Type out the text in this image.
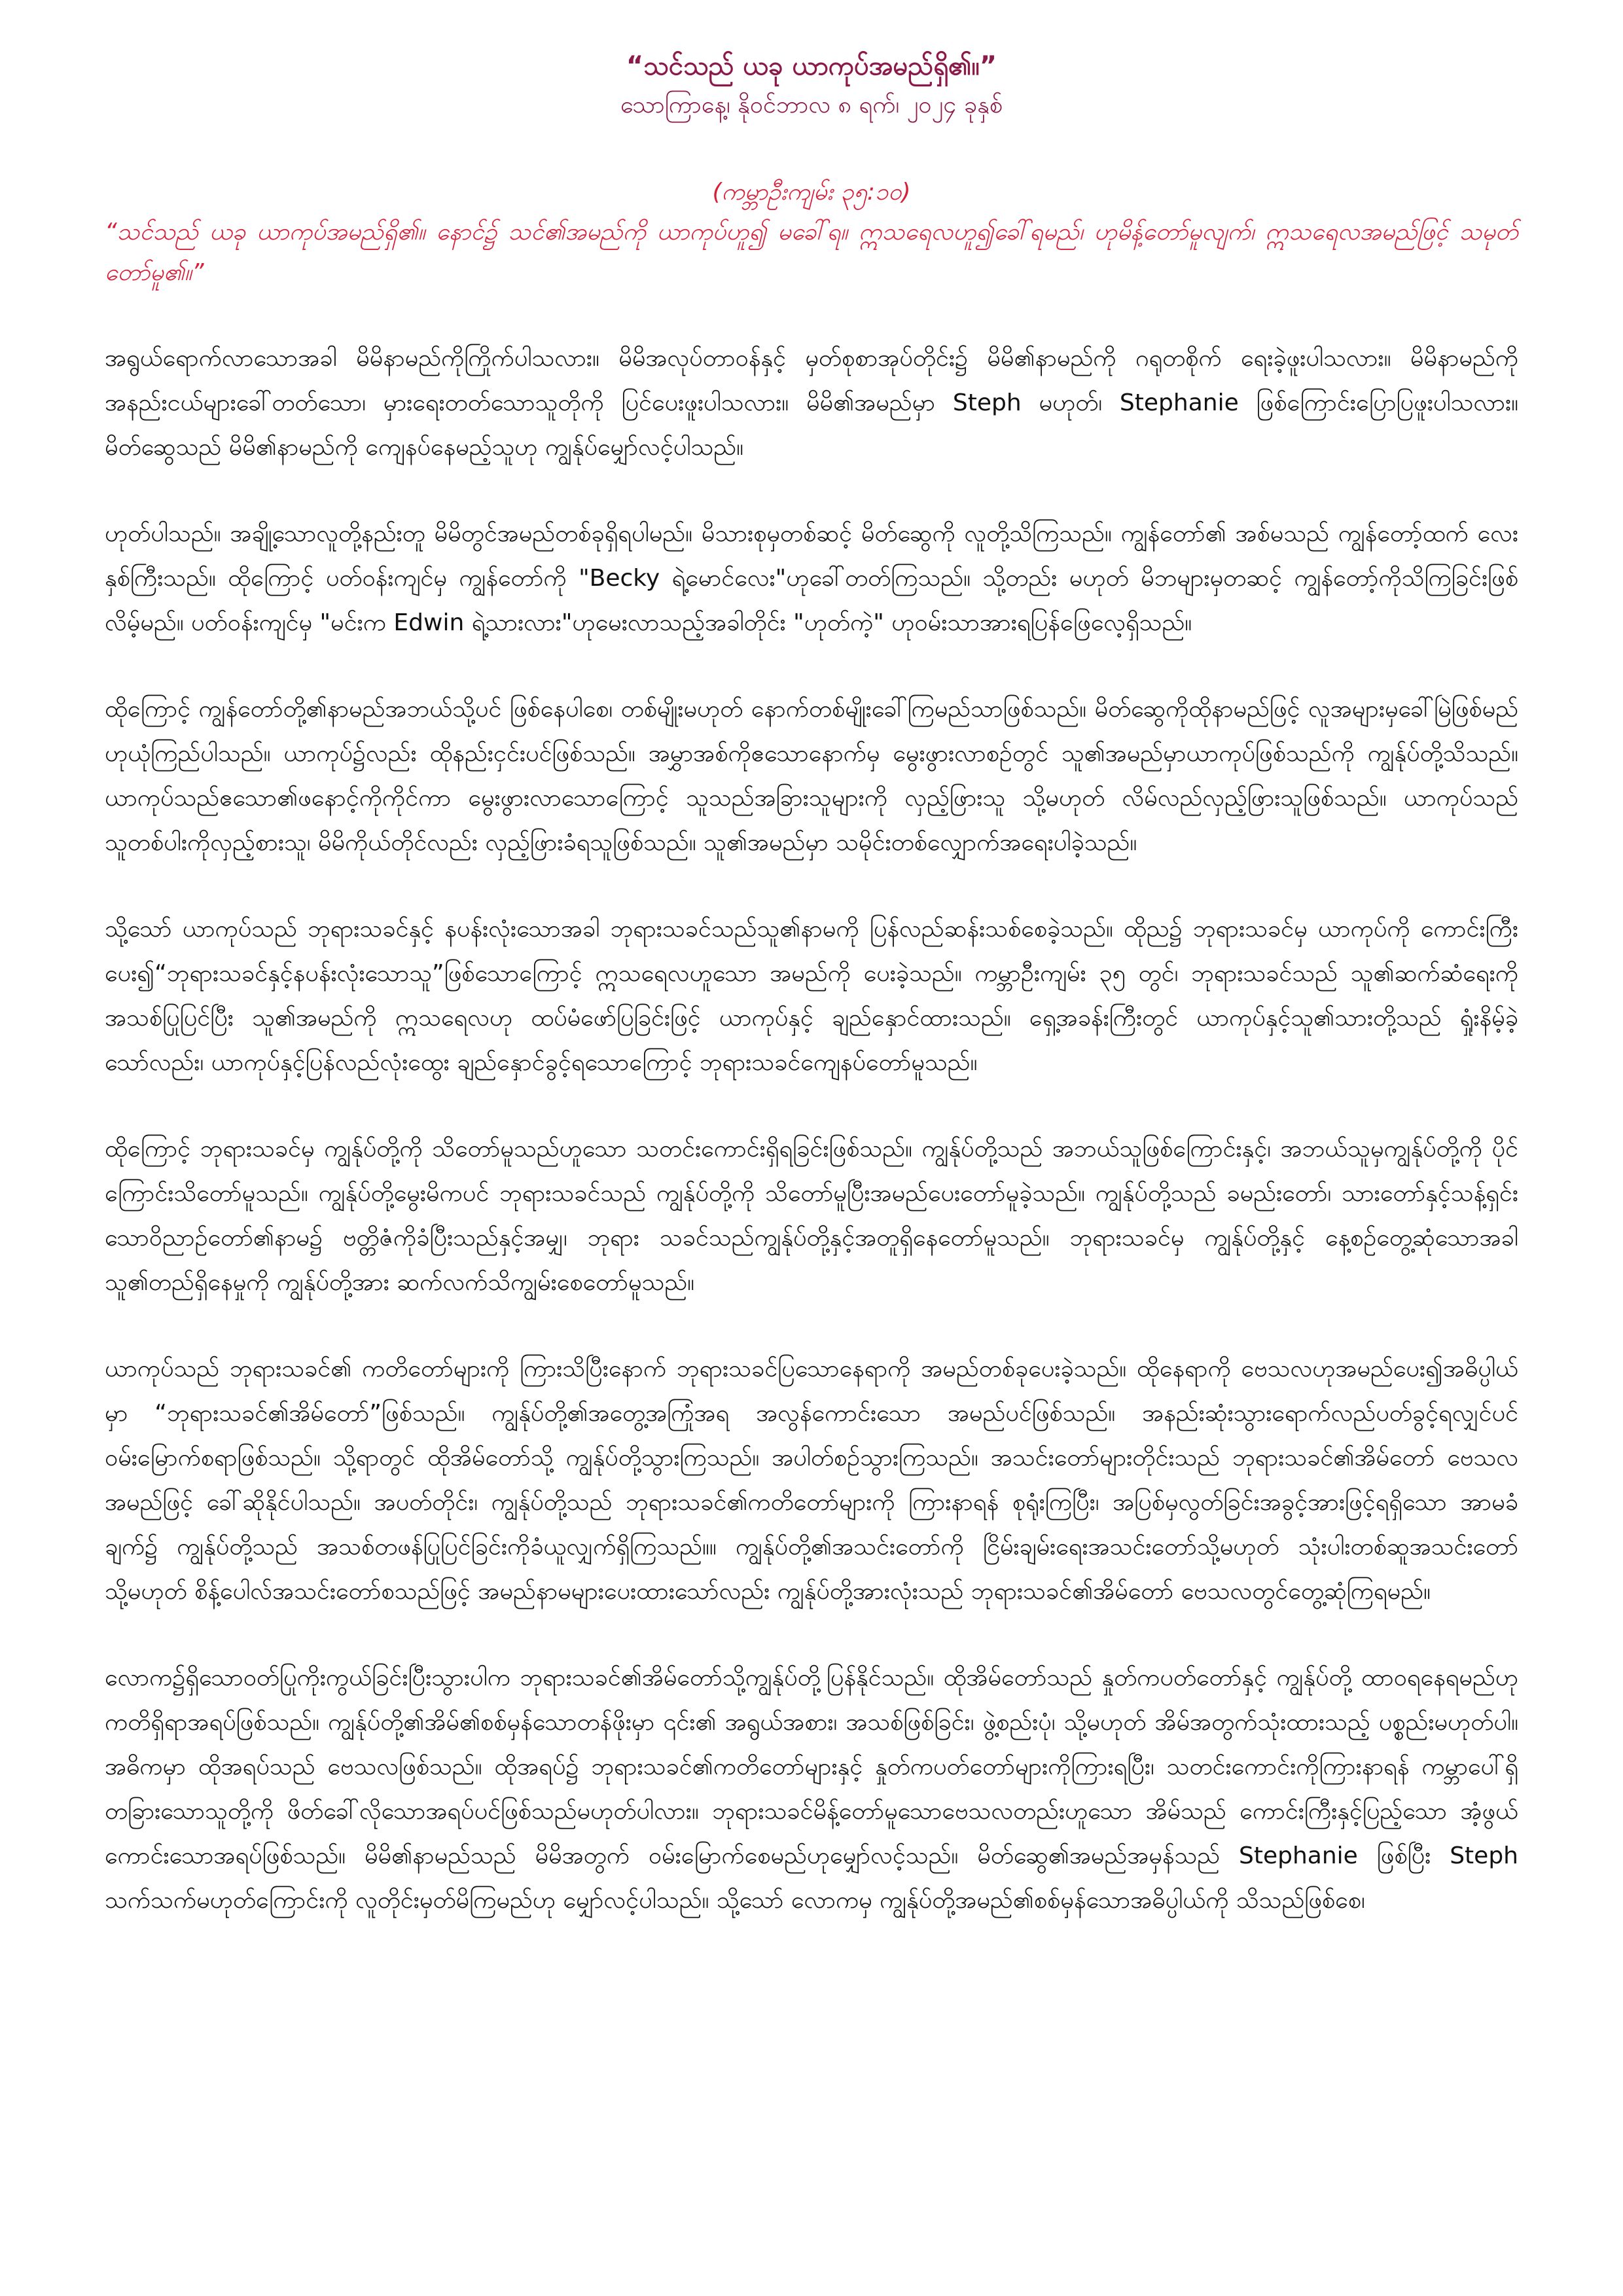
“သင်သည် ယခု ယာကုပ်အမည်ရှိ၏။”
သောကြာနေ့၊ နိုဝင်ဘာလ ၈ ရက်၊ ၂၀၂၄ ခုနှစ်
(ကမ္ဘာဦးကျမ်း ၃၅:၁၀)

“သင်သည် ယခု ယာကုပ်အမည်ရှိ၏။ နောင်၌ သင်၏အမည်ကို ယာကုပ်ဟူ၍ မခေါ်ရ။ ဣသရေလဟူ၍ခေါ်ရမည်၊ ဟုမိန့်တော်မူလျက်၊ ဣသရေလအမည်ဖြင့် သမုတ်တော်မူ၏။”

အရွယ်ရောက်လာသောအခါ မိမိနာမည်ကိုကြိုက်ပါသလား။ မိမိအလုပ်တာဝန်နှင့် မှတ်စုစာအုပ်တိုင်း၌ မိမိ၏နာမည်ကို ဂရုတစိုက် ရေးခဲ့ဖူးပါသလား။ မိမိနာမည်ကို အနည်းငယ်များခေါ်တတ်သော၊ မှားရေးတတ်သောသူတိုကို ပြင်ပေးဖူးပါသလား။ မိမိ၏အမည်မှာ Steph မဟုတ်၊ Stephanie ဖြစ်ကြောင်းပြောပြဖူးပါသလား။ မိတ်ဆွေသည် မိမိ၏နာမည်ကို ကျေနပ်နေမည့်သူဟု ကျွန်ုပ်မျှော်လင့်ပါသည်။

ဟုတ်ပါသည်။ အချို့သောလူတို့နည်းတူ မိမိတွင်အမည်တစ်ခုရှိရပါမည်။ မိသားစုမှတစ်ဆင့် မိတ်ဆွေကို လူတို့သိကြသည်။ ကျွန်တော်၏ အစ်မသည် ကျွန်တော့်ထက် လေးနှစ်ကြီးသည်။ ထိုကြောင့် ပတ်ဝန်းကျင်မှ ကျွန်တော်ကို "Becky ရဲ့မောင်လေး"ဟုခေါ်တတ်ကြသည်။ သို့တည်း မဟုတ် မိဘများမှတဆင့် ကျွန်တော့်ကိုသိကြခြင်းဖြစ်လိမ့်မည်။ ပတ်ဝန်းကျင်မှ "မင်းက Edwin ရဲ့သားလား"ဟုမေးလာသည့်အခါတိုင်း "ဟုတ်ကဲ့" ဟုဝမ်းသာအားရပြန်ဖြေလေ့ရှိသည်။

ထိုကြောင့် ကျွန်တော်တို့၏နာမည်အဘယ်သို့ပင် ဖြစ်နေပါစေ၊ တစ်မျိုးမဟုတ် နောက်တစ်မျိုးခေါ်ကြမည်သာဖြစ်သည်။ မိတ်ဆွေကိုထိုနာမည်ဖြင့် လူအများမှခေါ်မြဲဖြစ်မည်ဟုယုံကြည်ပါသည်။ ယာကုပ်၌လည်း ထိုနည်းငှင်းပင်ဖြစ်သည်။ အမွှာအစ်ကိုဧသောနောက်မှ မွေးဖွားလာစဉ်တွင် သူ၏အမည်မှာယာကုပ်ဖြစ်သည်ကို ကျွန်ုပ်တို့သိသည်။ ယာကုပ်သည်ဧသော၏ဖနောင့်ကိုကိုင်ကာ မွေးဖွားလာသောကြောင့် သူသည်အခြားသူများကို လှည့်ဖြားသူ သို့မဟုတ် လိမ်လည်လှည့်ဖြားသူဖြစ်သည်။ ယာကုပ်သည် သူတစ်ပါးကိုလှည့်စားသူ၊ မိမိကိုယ်တိုင်လည်း လှည့်ဖြားခံရသူဖြစ်သည်။ သူ၏အမည်မှာ သမိုင်းတစ်လျှောက်အရေးပါခဲ့သည်။

သို့သော် ယာကုပ်သည် ဘုရားသခင်နှင့် နပန်းလုံးသောအခါ ဘုရားသခင်သည်သူ၏နာမကို ပြန်လည်ဆန်းသစ်စေခဲ့သည်။ ထိုည၌ ဘုရားသခင်မှ ယာကုပ်ကို ကောင်းကြီးပေး၍“ဘုရားသခင်နှင့်နပန်းလုံးသောသူ”ဖြစ်သောကြောင့် ဣသရေလဟူသော အမည်ကို ပေးခဲ့သည်။ ကမ္ဘာဦးကျမ်း ၃၅ တွင်၊ ဘုရားသခင်သည် သူ၏ဆက်ဆံရေးကို အသစ်ပြုပြင်ပြီး သူ၏အမည်ကို ဣသရေလဟု ထပ်မံဖော်ပြခြင်းဖြင့် ယာကုပ်နှင့် ချည်နှောင်ထားသည်။ ရှေ့အခန်းကြီးတွင် ယာကုပ်နှင့်သူ၏သားတို့သည် ရှုံးနိမ့်ခဲ့သော်လည်း၊ ယာကုပ်နှင့်ပြန်လည်လုံးထွေး ချည်နှောင်ခွင့်ရသောကြောင့် ဘုရားသခင်ကျေနပ်တော်မူသည်။

ထိုကြောင့် ဘုရားသခင်မှ ကျွန်ုပ်တို့ကို သိတော်မူသည်ဟူသော သတင်းကောင်းရှိရခြင်းဖြစ်သည်။ ကျွန်ုပ်တို့သည် အဘယ်သူဖြစ်ကြောင်းနှင့်၊ အဘယ်သူမှကျွန်ုပ်တို့ကို ပိုင်ကြောင်းသိတော်မူသည်။ ကျွန်ုပ်တို့မွေးမိကပင် ဘုရားသခင်သည် ကျွန်ုပ်တို့ကို သိတော်မူပြီးအမည်ပေးတော်မူခဲ့သည်။ ကျွန်ုပ်တို့သည် ခမည်းတော်၊ သားတော်နှင့်သန့်ရှင်းသောဝိညာဉ်တော်၏နာမ၌ ဗတ္တိဇံကိုခံပြီးသည်နှင့်အမျှ၊ ဘုရား သခင်သည်ကျွန်ုပ်တို့နှင့်အတူရှိနေတော်မူသည်။ ဘုရားသခင်မှ ကျွန်ုပ်တို့နှင့် နေ့စဉ်တွေ့ဆုံသောအခါသူ၏တည်ရှိနေမှုကို ကျွန်ုပ်တို့အား ဆက်လက်သိကျွမ်းစေတော်မူသည်။

ယာကုပ်သည် ဘုရားသခင်၏ ကတိတော်များကို ကြားသိပြီးနောက် ဘုရားသခင်ပြသောနေရာကို အမည်တစ်ခုပေးခဲ့သည်။ ထိုနေရာကို ဗေသလဟုအမည်ပေး၍အဓိပ္ပါယ်မှာ “ဘုရားသခင်၏အိမ်တော်”ဖြစ်သည်။ ကျွန်ုပ်တို့၏အတွေ့အကြုံအရ အလွန်ကောင်းသော အမည်ပင်ဖြစ်သည်။ အနည်းဆုံးသွားရောက်လည်ပတ်ခွင့်ရလျှင်ပင် ဝမ်းမြောက်စရာဖြစ်သည်။ သို့ရာတွင် ထိုအိမ်တော်သို့ ကျွန်ုပ်တို့သွားကြသည်။ အပါတ်စဉ်သွားကြသည်။ အသင်းတော်များတိုင်းသည် ဘုရားသခင်၏အိမ်တော် ဗေသလအမည်ဖြင့် ခေါ်ဆိုနိုင်ပါသည်။ အပတ်တိုင်း၊ ကျွန်ုပ်တို့သည် ဘုရားသခင်၏ကတိတော်များကို ကြားနာရန် စုရုံးကြပြီး၊ အပြစ်မှလွတ်ခြင်းအခွင့်အားဖြင့်ရရှိသော အာမခံချက်၌ ကျွန်ုပ်တို့သည် အသစ်တဖန်ပြုပြင်ခြင်းကိုခံယူလျှက်ရှိကြသည်။။ ကျွန်ုပ်တို့၏အသင်းတော်ကို ငြိမ်းချမ်းရေးအသင်းတော်သို့မဟုတ် သုံးပါးတစ်ဆူအသင်းတော် သို့မဟုတ် စိန့်ပေါလ်အသင်းတော်စသည်ဖြင့် အမည်နာမများပေးထားသော်လည်း ကျွန်ုပ်တို့အားလုံးသည် ဘုရားသခင်၏အိမ်တော် ဗေသလတွင်တွေ့ဆုံကြရမည်။

လောက၌ရှိသောဝတ်ပြုကိုးကွယ်ခြင်းပြီးသွားပါက ဘုရားသခင်၏အိမ်တော်သို့ကျွန်ုပ်တို့ပြန်နိုင်သည်။ ထိုအိမ်တော်သည် နှုတ်ကပတ်တော်နှင့် ကျွန်ုပ်တို့ ထာဝရနေရမည်ဟုကတိရှိရာအရပ်ဖြစ်သည်။ ကျွန်ုပ်တို့၏အိမ်၏စစ်မှန်သောတန်ဖိုးမှာ ၎င်း၏ အရွယ်အစား၊ အသစ်ဖြစ်ခြင်း၊ ဖွဲ့စည်းပုံ၊ သို့မဟုတ် အိမ်အတွက်သုံးထားသည့် ပစ္စည်းမဟုတ်ပါ။ အဓိကမှာ ထိုအရပ်သည် ဗေသလဖြစ်သည်။ ထိုအရပ်၌ ဘုရားသခင်၏ကတိတော်များနှင့် နှုတ်ကပတ်တော်များကိုကြားရပြီး၊ သတင်းကောင်းကိုကြားနာရန် ကမ္ဘာပေါ်ရှိတခြားသောသူတို့ကို ဖိတ်ခေါ်လိုသောအရပ်ပင်ဖြစ်သည်မဟုတ်ပါလား။ ဘုရားသခင်မိန့်တော်မူသောဗေသလတည်းဟူသော အိမ်သည် ကောင်းကြီးနှင့်ပြည့်သော အံ့ဖွယ်ကောင်းသောအရပ်ဖြစ်သည်။ မိမိ၏နာမည်သည် မိမိအတွက် ဝမ်းမြောက်စေမည်ဟုမျှော်လင့်သည်။ မိတ်ဆွေ၏အမည်အမှန်သည် Stephanie ဖြစ်ပြီး Steph သက်သက်မဟုတ်ကြောင်းကို လူတိုင်းမှတ်မိကြမည်ဟု မျှော်လင့်ပါသည်။ သို့သော် လောကမှ ကျွန်ုပ်တို့အမည်၏စစ်မှန်သောအဓိပ္ပါယ်ကို သိသည်ဖြစ်စေ၊
